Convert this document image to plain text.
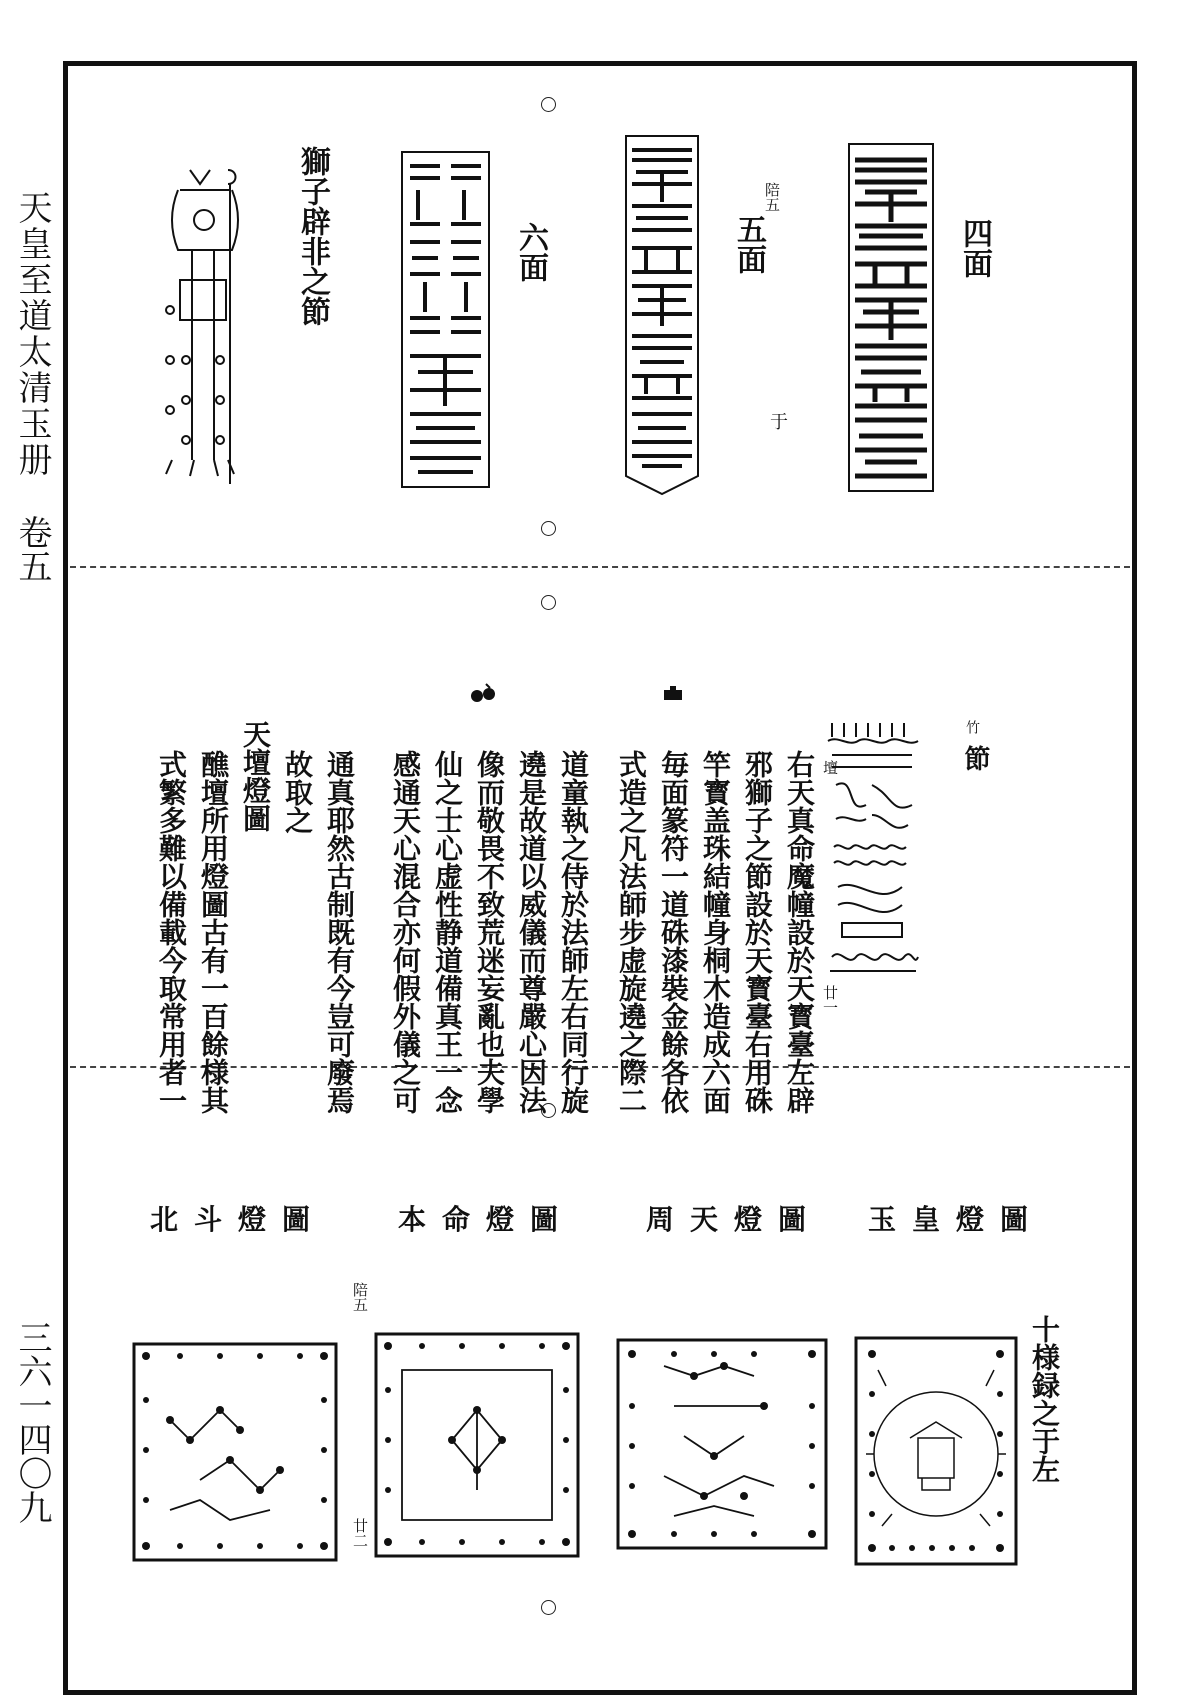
天皇至道太清玉册
卷五
三六一四〇九
四面
陪五
五面
于
六面
獅子辟非之節
節
竹
壇
廿一
右天真命魔幢設於天寳臺左辟
邪獅子之節設於天寳臺右用硃
竿寳盖珠結幢身桐木造成六面
毎面篆符一道硃漆裝金餘各依
式造之凡法師步虚旋遶之際二
道童執之侍於法師左右同行旋
遶是故道以威儀而尊嚴心因法
像而敬畏不致荒迷妄亂也夫學
仙之士心虚性静道備真王一念
感通天心混合亦何假外儀之可
通真耶然古制既有今豈可廢焉
故取之
天壇燈圖
醮壇所用燈圖古有一百餘様其
式繁多難以備載今取常用者一
玉皇燈圖
周天燈圖
本命燈圖
北斗燈圖
十様録之于左
陪五
廿二
